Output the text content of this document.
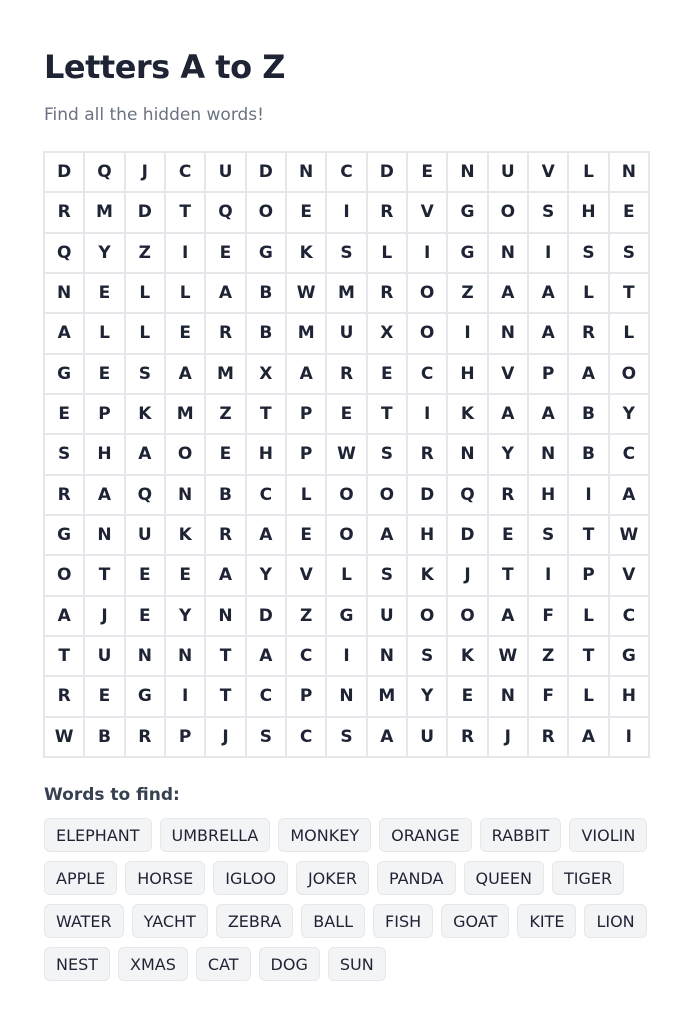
Letters A to Z

Find all the hidden words!

D	Q	J	C	U	D	N	C	D	E	N	U	V	L	N
R	M	D	T	Q	O	E	I	R	V	G	O	S	H	E
Q	Y	Z	I	E	G	K	S	L	I	G	N	I	S	S
N	E	L	L	A	B	W	M	R	O	Z	A	A	L	T
A	L	L	E	R	B	M	U	X	O	I	N	A	R	L
G	E	S	A	M	X	A	R	E	C	H	V	P	A	O
E	P	K	M	Z	T	P	E	T	I	K	A	A	B	Y
S	H	A	O	E	H	P	W	S	R	N	Y	N	B	C
R	A	Q	N	B	C	L	O	O	D	Q	R	H	I	A
G	N	U	K	R	A	E	O	A	H	D	E	S	T	W
O	T	E	E	A	Y	V	L	S	K	J	T	I	P	V
A	J	E	Y	N	D	Z	G	U	O	O	A	F	L	C
T	U	N	N	T	A	C	I	N	S	K	W	Z	T	G
R	E	G	I	T	C	P	N	M	Y	E	N	F	L	H
W	B	R	P	J	S	C	S	A	U	R	J	R	A	I
Words to find:
ELEPHANT	UMBRELLA	MONKEY	ORANGE	RABBIT	VIOLIN
APPLE	HORSE	IGLOO	JOKER	PANDA	QUEEN	TIGER
WATER	YACHT	ZEBRA	BALL	FISH	GOAT	KITE	LION
NEST	XMAS	CAT	DOG	SUN
